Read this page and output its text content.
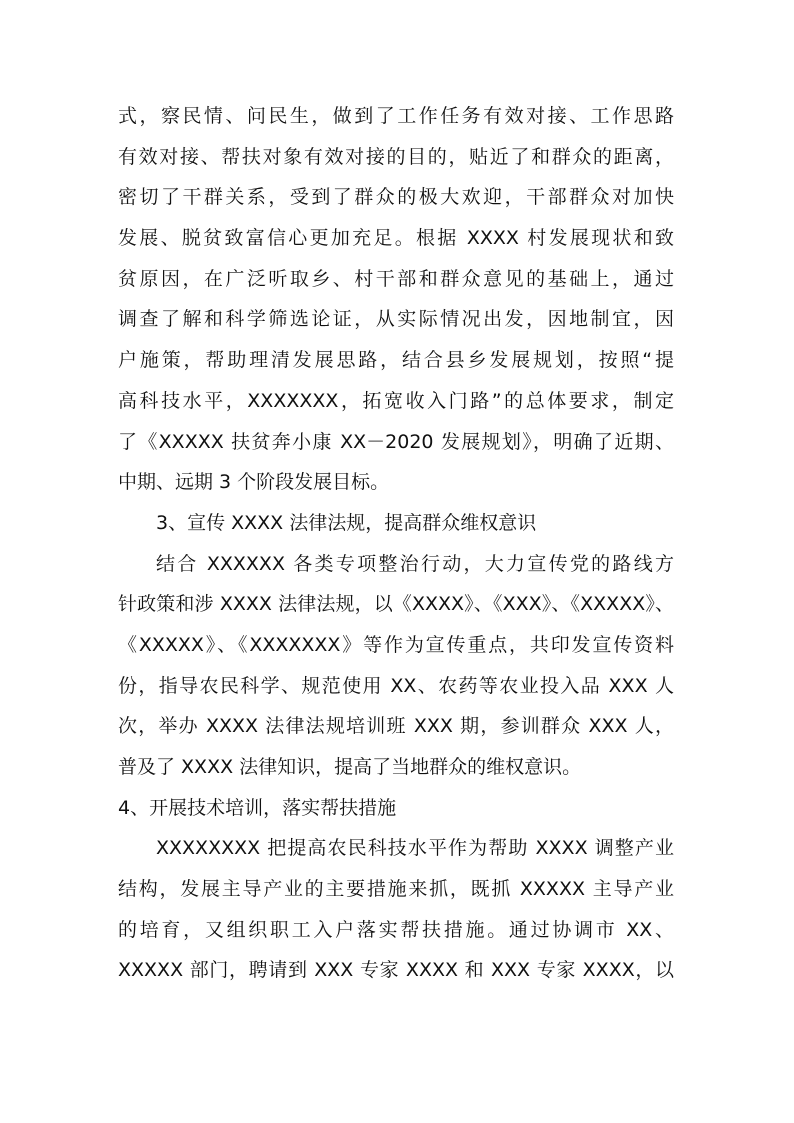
式，察民情、问民生，做到了工作任务有效对接、工作思路
有效对接、帮扶对象有效对接的目的，贴近了和群众的距离，
密切了干群关系，受到了群众的极大欢迎，干部群众对加快
发展、脱贫致富信心更加充足。根据 XXXX 村发展现状和致
贫原因，在广泛听取乡、村干部和群众意见的基础上，通过
调查了解和科学筛选论证，从实际情况出发，因地制宜，因
户施策，帮助理清发展思路，结合县乡发展规划，按照“提
高科技水平，XXXXXXX，拓宽收入门路”的总体要求，制定
了《XXXXX 扶贫奔小康 XX－2020 发展规划》，明确了近期、
中期、远期 3 个阶段发展目标。
3、宣传 XXXX 法律法规，提高群众维权意识
结合 XXXXXX 各类专项整治行动，大力宣传党的路线方
针政策和涉 XXXX 法律法规，以《XXXX》、《XXX》、《XXXXX》、
《XXXXX》、《XXXXXXX》等作为宣传重点，共印发宣传资料
份，指导农民科学、规范使用 XX、农药等农业投入品 XXX 人
次，举办 XXXX 法律法规培训班 XXX 期，参训群众 XXX 人，
普及了 XXXX 法律知识，提高了当地群众的维权意识。
4、开展技术培训，落实帮扶措施
XXXXXXXX 把提高农民科技水平作为帮助 XXXX 调整产业
结构，发展主导产业的主要措施来抓，既抓 XXXXX 主导产业
的培育，又组织职工入户落实帮扶措施。通过协调市 XX、
XXXXX 部门，聘请到 XXX 专家 XXXX 和 XXX 专家 XXXX，以
